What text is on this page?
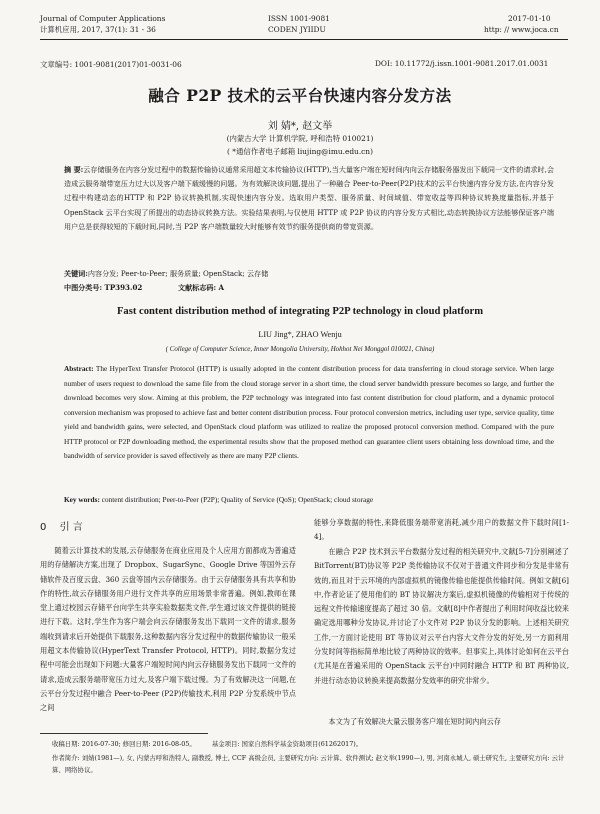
Journal of Computer Applications
计算机应用, 2017, 37(1): 31 - 36
ISSN 1001-9081
CODEN JYIIDU
2017-01-10
http: // www.joca.cn
文章编号: 1001-9081(2017)01-0031-06	DOI: 10.11772/j.issn.1001-9081.2017.01.0031
融合 P2P 技术的云平台快速内容分发方法
刘 婧*, 赵文举
(内蒙古大学 计算机学院, 呼和浩特 010021)
( *通信作者电子邮箱 liujing@imu.edu.cn)
摘 要:云存储服务在内容分发过程中的数据传输协议通常采用超文本传输协议(HTTP),当大量客户端在短时间内向云存储服务器发出下载同一文件的请求时,会造成云服务端带宽压力过大以及客户端下载缓慢的问题。为有效解决该问题,提出了一种融合 Peer-to-Peer(P2P)技术的云平台快速内容分发方法,在内容分发过程中构建动态的HTTP 和 P2P 协议转换机制,实现快速内容分发。选取用户类型、服务质量、时间域值、带宽收益等四种协议转换度量指标,并基于 OpenStack 云平台实现了所提出的动态协议转换方法。实验结果表明,与仅使用 HTTP 或 P2P 协议的内容分发方式相比,动态转换协议方法能够保证客户端用户总是获得较短的下载时间,同时,当 P2P 客户端数量较大时能够有效节约服务提供商的带宽资源。
关键词:内容分发; Peer-to-Peer; 服务质量; OpenStack; 云存储
中图分类号: TP393.02	文献标志码: A
Fast content distribution method of integrating P2P technology in cloud platform
LIU Jing*, ZHAO Wenju
( College of Computer Science, Inner Mongolia University, Hohhot Nei Monggol 010021, China)
Abstract: The HyperText Transfer Protocol (HTTP) is usually adopted in the content distribution process for data transferring in cloud storage service. When large number of users request to download the same file from the cloud storage server in a short time, the cloud server bandwidth pressure becomes so large, and further the download becomes very slow. Aiming at this problem, the P2P technology was integrated into fast content distribution for cloud platform, and a dynamic protocol conversion mechanism was proposed to achieve fast and better content distribution process. Four protocol conversion metrics, including user type, service quality, time yield and bandwidth gains, were selected, and OpenStack cloud platform was utilized to realize the proposed protocol conversion method. Compared with the pure HTTP protocol or P2P downloading method, the experimental results show that the proposed method can guarantee client users obtaining less download time, and the bandwidth of service provider is saved effectively as there are many P2P clients.
Key words: content distribution; Peer-to-Peer (P2P); Quality of Service (QoS); OpenStack; cloud storage
0 引 言
随着云计算技术的发展,云存储服务在商业应用及个人应用方面都成为普遍适用的存储解决方案,出现了 Dropbox、SugarSync、Google Drive 等国外云存储软件及百度云盘、360 云盘等国内云存储服务。由于云存储服务具有共享和协作的特性,故云存储服务用户进行文件共享的应用场景非常普遍。例如,教师在课堂上通过校园云存储平台向学生共享实验数据类文件,学生通过该文件提供的链接进行下载。这时,学生作为客户端会向云存储服务发出下载同一文件的请求,服务端收到请求后开始提供下载服务,这种数据内容分发过程中的数据传输协议一般采用超文本传输协议(HyperText Transfer Protocol, HTTP)。同时,数据分发过程中可能会出现如下问题:大量客户端短时间内向云存储服务发出下载同一文件的请求,造成云服务端带宽压力过大,及客户端下载过慢。为了有效解决这一问题,在云平台分发过程中融合 Peer-to-Peer (P2P)传输技术,利用 P2P 分发系统中节点之间
能够分享数据的特性,来降低服务端带宽消耗,减少用户的数据文件下载时间[1-4]。
在融合 P2P 技术到云平台数据分发过程的相关研究中,文献[5-7]分别阐述了 BitTorrent(BT)协议等 P2P 类传输协议不仅对于普通文件同步和分发是非常有效的,而且对于云环境的内部虚拟机的镜像传输也能提供传输时间。例如文献[6]中,作者论证了使用他们的 BT 协议解决方案后,虚拟机镜像的传输相对于传统的远程文件传输速度提高了超过 30 倍。文献[8]中作者提出了利用时间收益比较来确定选用哪种分发协议,并讨论了小文件对 P2P 协议分发的影响。上述相关研究工作,一方面讨论使用 BT 等协议对云平台内容大文件分发的好处,另一方面利用分发时间等指标简单地比较了两种协议的效率。但事实上,具体讨论如何在云平台(尤其是在普遍采用的 OpenStack 云平台)中同时融合 HTTP 和 BT 两种协议,并进行动态协议转换来提高数据分发效率的研究非常少。
本文为了有效解决大量云服务客户端在短时间内向云存
收稿日期: 2016-07-30; 修回日期: 2016-08-05。	基金项目: 国家自然科学基金资助项目(61262017)。
作者简介: 刘婧(1981—), 女, 内蒙古呼和浩特人, 副教授, 博士, CCF 高级会员, 主要研究方向: 云计算、软件测试; 赵文举(1990—), 男, 河南永城人, 硕士研究生, 主要研究方向: 云计算、网络协议。
